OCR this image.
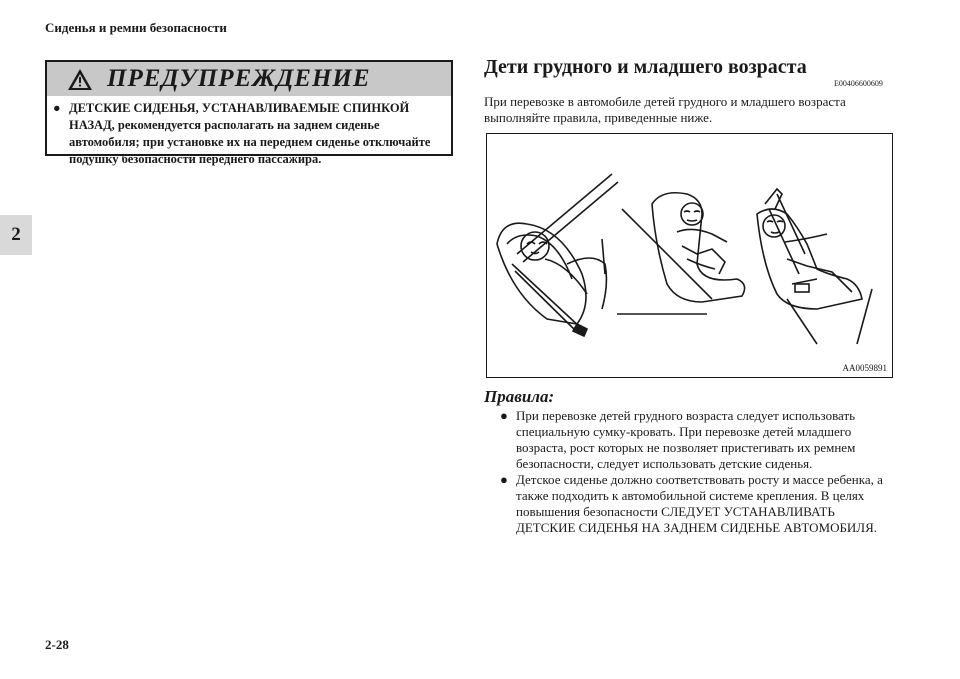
Сиденья и ремни безопасности
2
ПРЕДУПРЕЖДЕНИЕ
● ДЕТСКИЕ СИДЕНЬЯ, УСТАНАВЛИВАЕМЫЕ СПИНКОЙ НАЗАД, рекомендуется располагать на заднем сиденье автомобиля; при установке их на переднем сиденье отключайте подушку безопасности переднего пассажира.
Дети грудного и младшего возраста
E00406600609
При перевозке в автомобиле детей грудного и младшего возраста выполняйте правила, приведенные ниже.
AA0059891
Правила:
● При перевозке детей грудного возраста следует использовать специальную сумку-кровать. При перевозке детей младшего возраста, рост которых не позволяет пристегивать их ремнем безопасности, следует использовать детские сиденья.
● Детское сиденье должно соответствовать росту и массе ребенка, а также подходить к автомобильной системе крепления. В целях повышения безопасности СЛЕДУЕТ УСТАНАВЛИВАТЬ ДЕТСКИЕ СИДЕНЬЯ НА ЗАДНЕМ СИДЕНЬЕ АВТОМОБИЛЯ.
2-28
